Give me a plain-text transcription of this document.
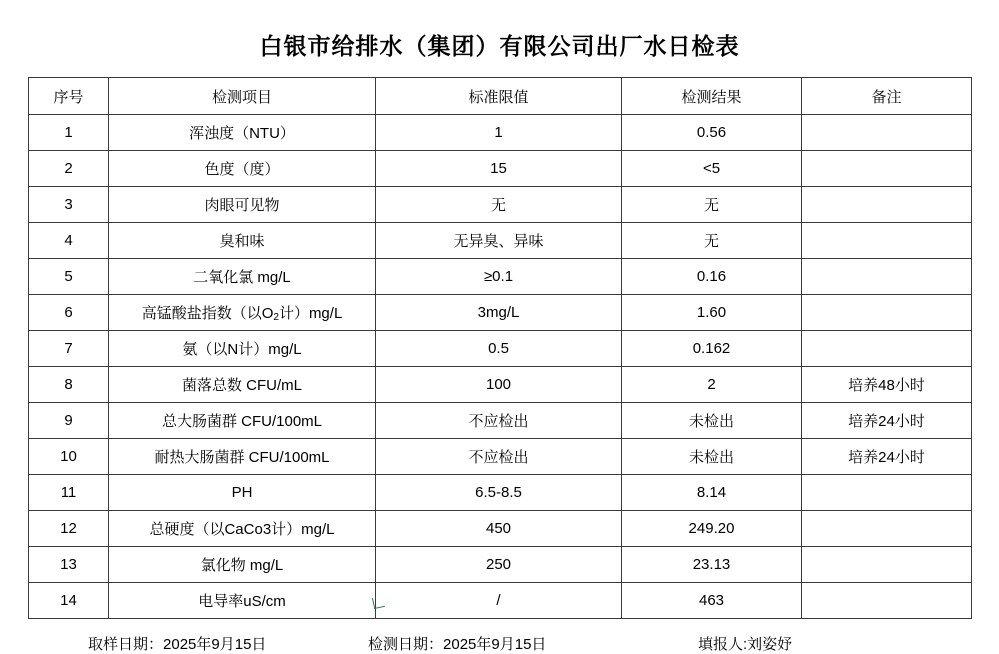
白银市给排水（集团）有限公司出厂水日检表
序号	检测项目	标准限值	检测结果	备注
1	浑浊度（NTU）	1	0.56	
2	色度（度）	15	<5	
3	肉眼可见物	无	无	
4	臭和味	无异臭、异味	无	
5	二氧化氯 mg/L	≥0.1	0.16	
6	高锰酸盐指数（以$O_2$计）mg/L	3mg/L	1.60	
7	氨（以N计）mg/L	0.5	0.162	
8	菌落总数 CFU/mL	100	2	培养48小时
9	总大肠菌群 CFU/100mL	不应检出	未检出	培养24小时
10	耐热大肠菌群 CFU/100mL	不应检出	未检出	培养24小时
11	PH	6.5-8.5	8.14	
12	总硬度（以CaCo3计）mg/L	450	249.20	
13	氯化物 mg/L	250	23.13	
14	电导率uS/cm	/	463	
取样日期：2025年9月15日	检测日期：2025年9月15日	填报人:刘姿妤
